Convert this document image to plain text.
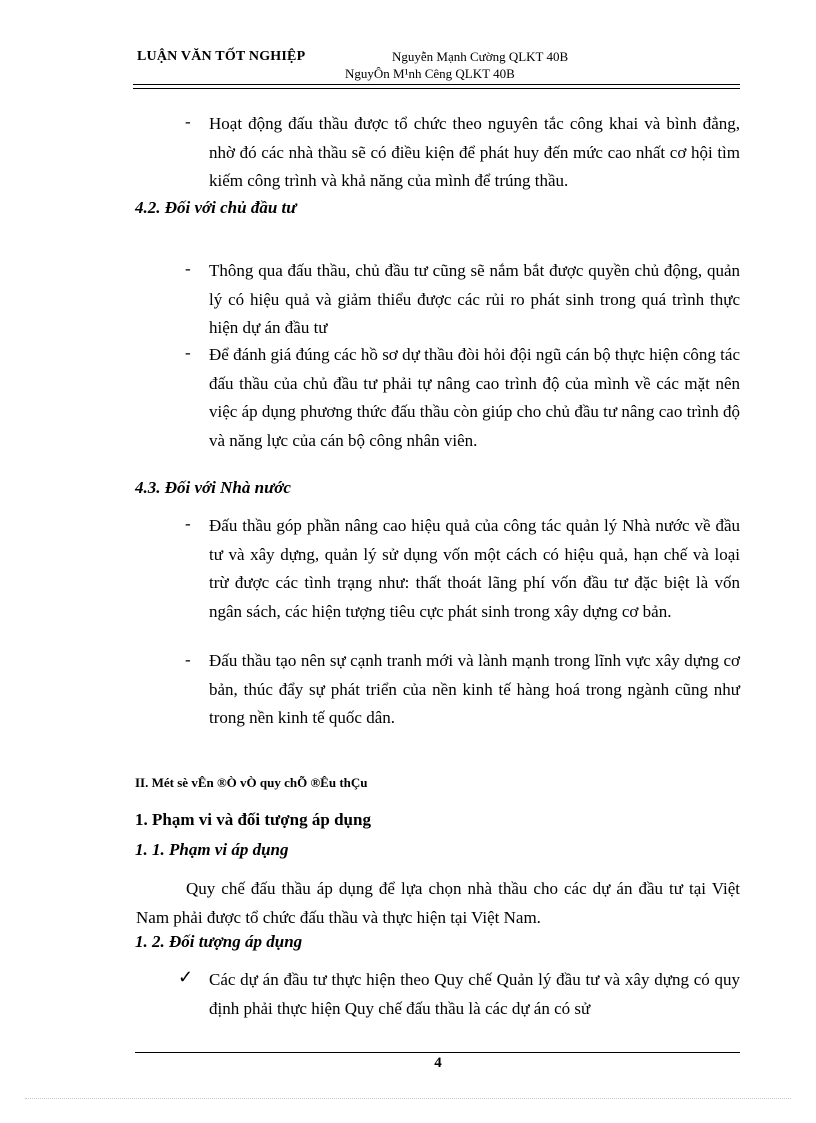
LUẬN VĂN TỐT NGHIỆP	Nguyễn Mạnh Cường QLKT 40B
NguyÔn M¹nh Cêng QLKT 40B
-	Hoạt động đấu thầu được tổ chức theo nguyên tắc công khai và bình đẳng, nhờ đó các nhà thầu sẽ có điều kiện để phát huy đến mức cao nhất cơ hội tìm kiếm công trình và khả năng của mình để trúng thầu.
4.2. Đối với chủ đầu tư
-	Thông qua đấu thầu, chủ đầu tư cũng sẽ nắm bắt được quyền chủ động, quản lý có hiệu quả và giảm thiểu được các rủi ro phát sinh trong quá trình thực hiện dự án đầu tư
-	Để đánh giá đúng các hồ sơ dự thầu đòi hỏi đội ngũ cán bộ thực hiện công tác đấu thầu của chủ đầu tư phải tự nâng cao trình độ của mình về các mặt nên việc áp dụng phương thức đấu thầu còn giúp cho chủ đầu tư nâng cao trình độ và năng lực của cán bộ công nhân viên.
4.3. Đối với Nhà nước
-	Đấu thầu góp phần nâng cao hiệu quả của công tác quản lý Nhà nước về đầu tư và xây dựng, quản lý sử dụng vốn một cách có hiệu quả, hạn chế và loại trừ được các tình trạng như: thất thoát lãng phí vốn đầu tư đặc biệt là vốn ngân sách, các hiện tượng tiêu cực phát sinh trong xây dựng cơ bản.
-	Đấu thầu tạo nên sự cạnh tranh mới và lành mạnh trong lĩnh vực xây dựng cơ bản, thúc đẩy sự phát triển của nền kinh tế hàng hoá trong ngành cũng như trong nền kinh tế quốc dân.
II. Mét sè vÊn ®Ò vÒ quy chÕ ®Êu thÇu
1. Phạm vi và đối tượng áp dụng
1. 1. Phạm vi áp dụng
Quy chế đấu thầu áp dụng để lựa chọn nhà thầu cho các dự án đầu tư tại Việt Nam phải được tổ chức đấu thầu và thực hiện tại Việt Nam.
1. 2. Đối tượng áp dụng
✓ Các dự án đầu tư thực hiện theo Quy chế Quản lý đầu tư và xây dựng có quy định phải thực hiện Quy chế đấu thầu là các dự án có sử
4
